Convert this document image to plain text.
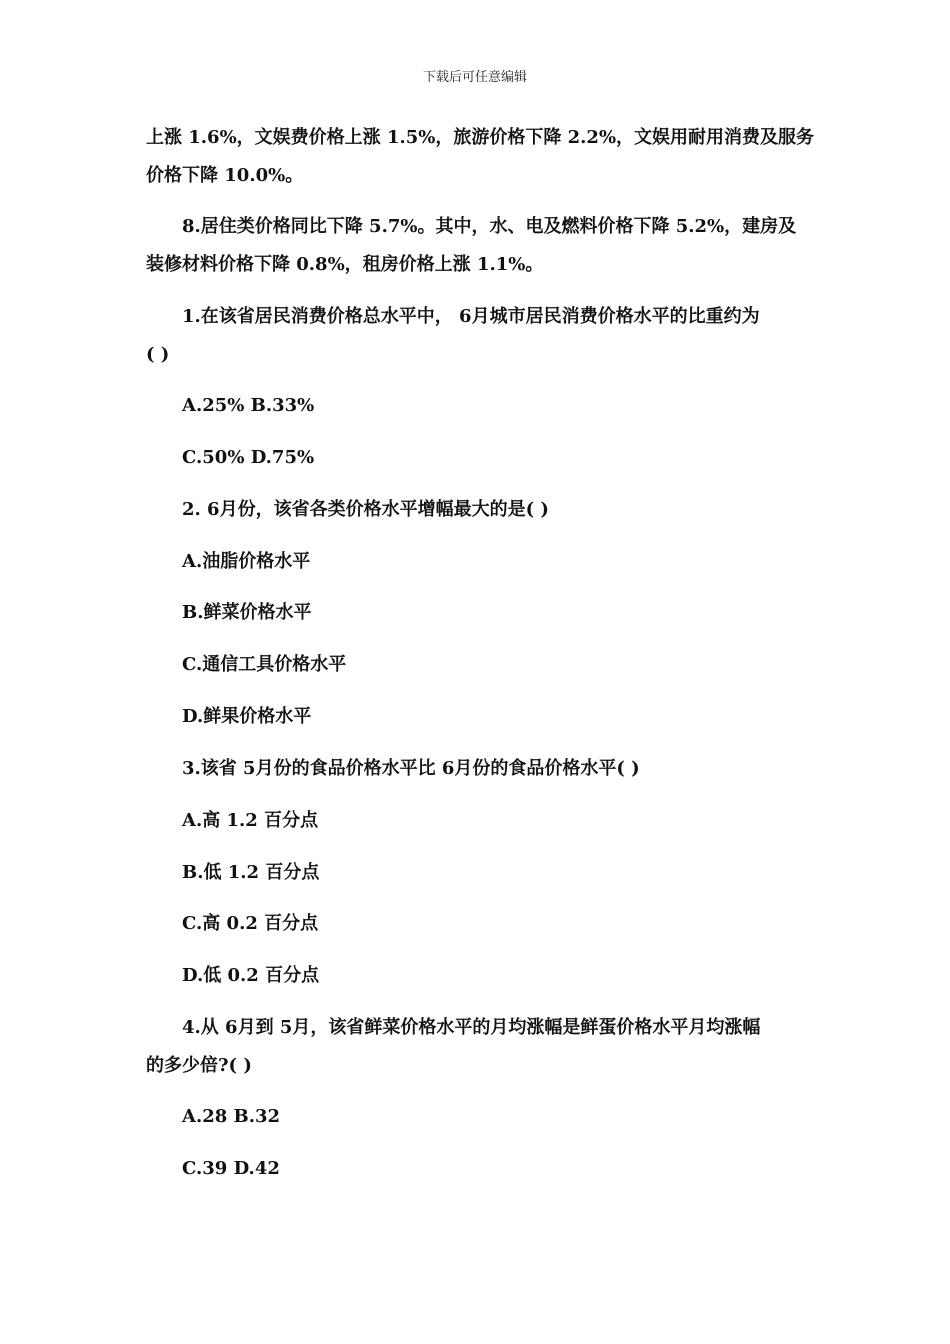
下载后可任意编辑
上涨 1.6%，文娱费价格上涨 1.5%，旅游价格下降 2.2%，文娱用耐用消费及服务
价格下降 10.0%。
8.居住类价格同比下降 5.7%。其中，水、电及燃料价格下降 5.2%，建房及
装修材料价格下降 0.8%，租房价格上涨 1.1%。
1.在该省居民消费价格总水平中， 6月城市居民消费价格水平的比重约为
( )
A.25% B.33%
C.50% D.75%
2. 6月份，该省各类价格水平增幅最大的是( )
A.油脂价格水平
B.鲜菜价格水平
C.通信工具价格水平
D.鲜果价格水平
3.该省 5月份的食品价格水平比 6月份的食品价格水平( )
A.高 1.2 百分点
B.低 1.2 百分点
C.高 0.2 百分点
D.低 0.2 百分点
4.从 6月到 5月，该省鲜菜价格水平的月均涨幅是鲜蛋价格水平月均涨幅
的多少倍?( )
A.28 B.32
C.39 D.42
